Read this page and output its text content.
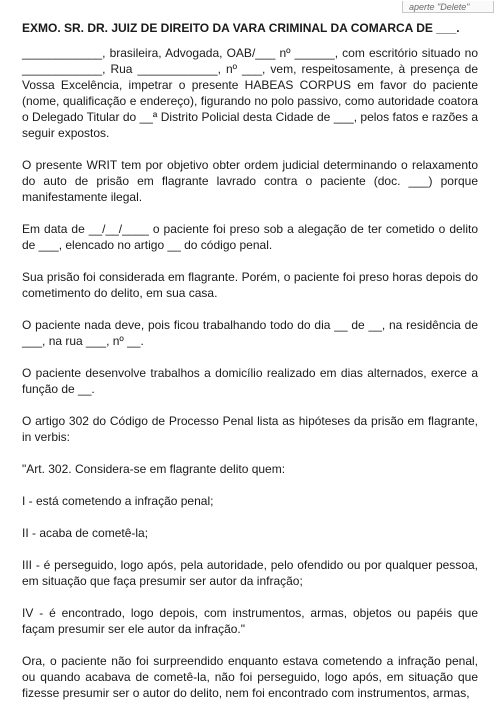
aperte "Delete"
EXMO. SR. DR. JUIZ DE DIREITO DA VARA CRIMINAL DA COMARCA DE ___.

____________, brasileira, Advogada, OAB/___ nº ______, com escritório situado no ____________, Rua ____________, nº ___, vem, respeitosamente, à presença de Vossa Excelência, impetrar o presente HABEAS CORPUS em favor do paciente (nome, qualificação e endereço), figurando no polo passivo, como autoridade coatora o Delegado Titular do __ª Distrito Policial desta Cidade de ___, pelos fatos e razões a seguir expostos.

O presente WRIT tem por objetivo obter ordem judicial determinando o relaxamento do auto de prisão em flagrante lavrado contra o paciente (doc. ___) porque manifestamente ilegal.

Em data de __/__/____ o paciente foi preso sob a alegação de ter cometido o delito de ___, elencado no artigo __ do código penal.

Sua prisão foi considerada em flagrante. Porém, o paciente foi preso horas depois do cometimento do delito, em sua casa.

O paciente nada deve, pois ficou trabalhando todo do dia __ de __, na residência de ___, na rua ___, nº __.

O paciente desenvolve trabalhos a domicílio realizado em dias alternados, exerce a função de __.

O artigo 302 do Código de Processo Penal lista as hipóteses da prisão em flagrante, in verbis:

"Art. 302. Considera-se em flagrante delito quem:

I - está cometendo a infração penal;

II - acaba de cometê-la;

III - é perseguido, logo após, pela autoridade, pelo ofendido ou por qualquer pessoa, em situação que faça presumir ser autor da infração;

IV - é encontrado, logo depois, com instrumentos, armas, objetos ou papéis que façam presumir ser ele autor da infração."

Ora, o paciente não foi surpreendido enquanto estava cometendo a infração penal, ou quando acabava de cometê-la, não foi perseguido, logo após, em situação que fizesse presumir ser o autor do delito, nem foi encontrado com instrumentos, armas,
